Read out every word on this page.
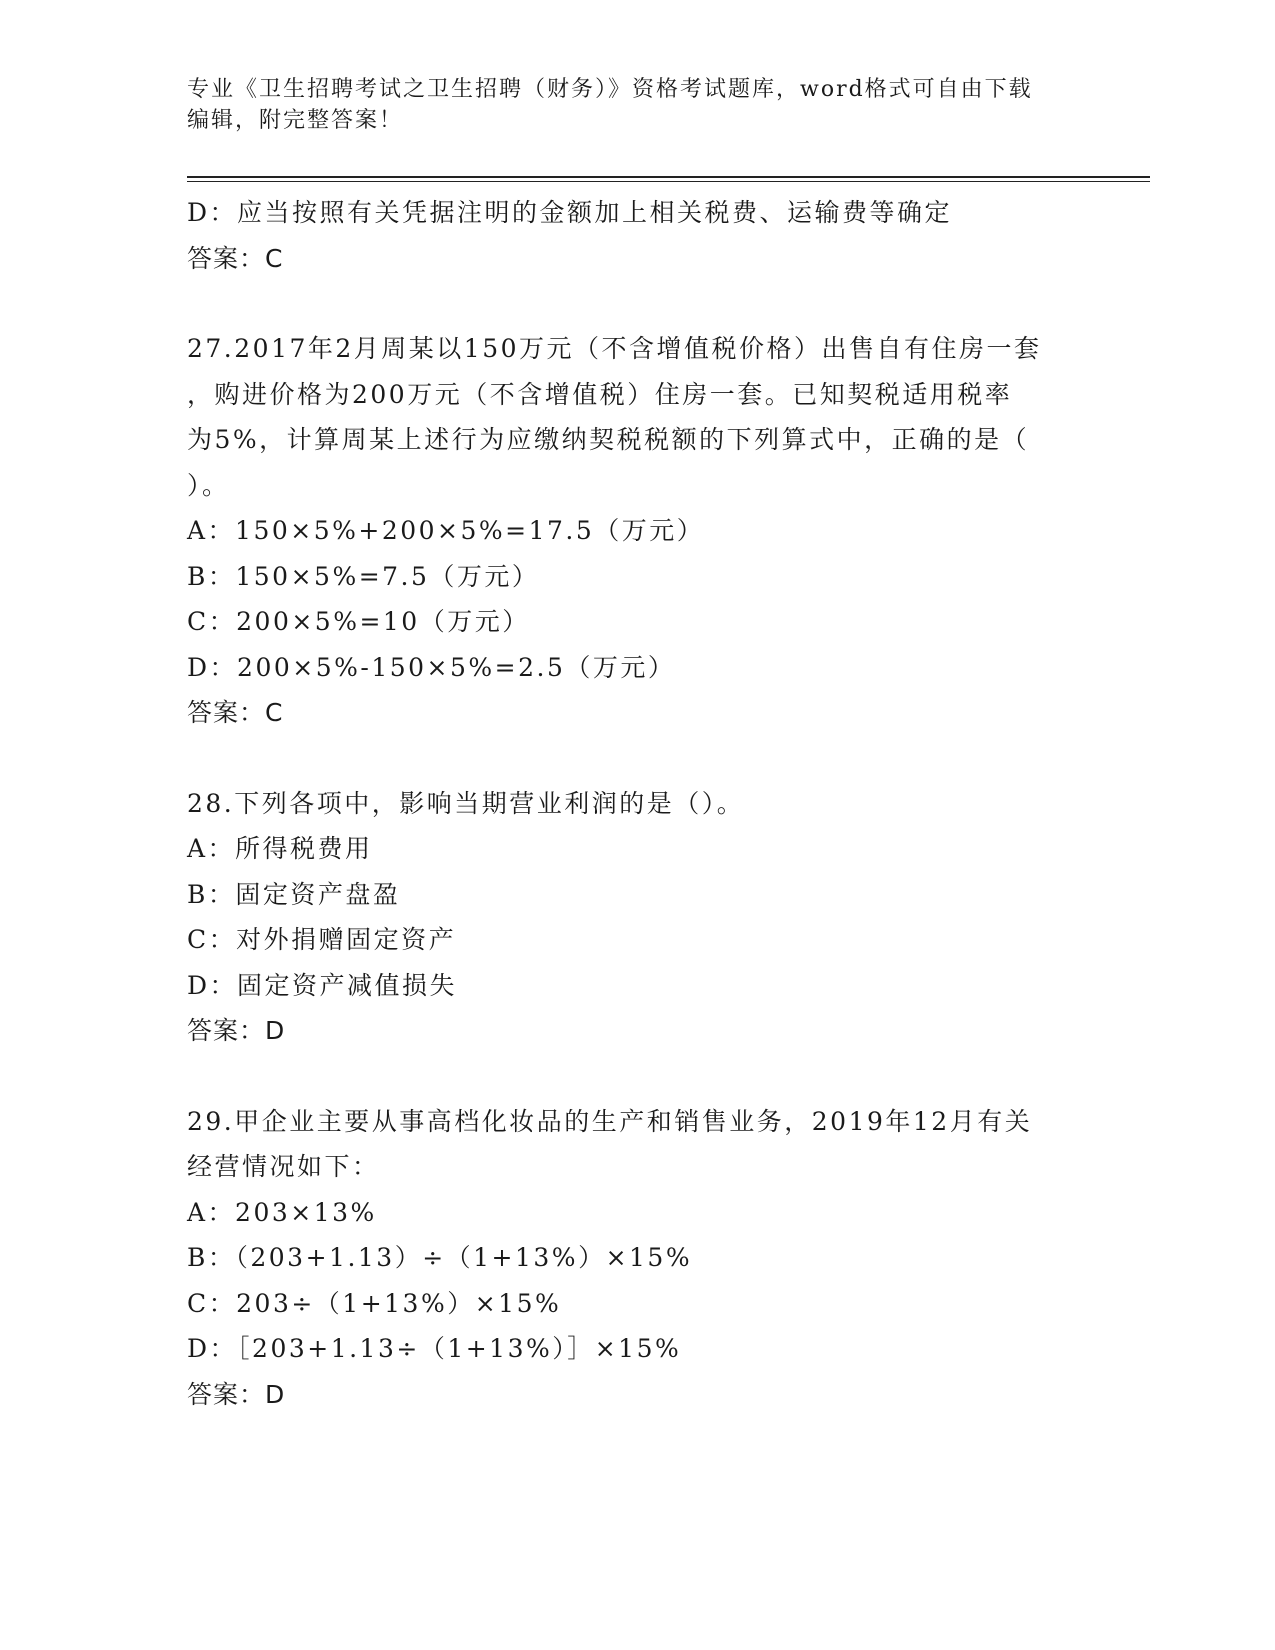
专业《卫生招聘考试之卫生招聘（财务）》资格考试题库，word格式可自由下载
编辑，附完整答案！
D：应当按照有关凭据注明的金额加上相关税费、运输费等确定
答案：C
27.2017年2月周某以150万元（不含增值税价格）出售自有住房一套
，购进价格为200万元（不含增值税）住房一套。已知契税适用税率
为5%，计算周某上述行为应缴纳契税税额的下列算式中，正确的是（
）。
A：150×5%+200×5%=17.5（万元）
B：150×5%=7.5（万元）
C：200×5%=10（万元）
D：200×5%-150×5%=2.5（万元）
答案：C
28.下列各项中，影响当期营业利润的是（）。
A：所得税费用
B：固定资产盘盈
C：对外捐赠固定资产
D：固定资产减值损失
答案：D
29.甲企业主要从事高档化妆品的生产和销售业务，2019年12月有关
经营情况如下：
A：203×13%
B：（203+1.13）÷（1+13%）×15%
C：203÷（1+13%）×15%
D：［203+1.13÷（1+13%）］×15%
答案：D
